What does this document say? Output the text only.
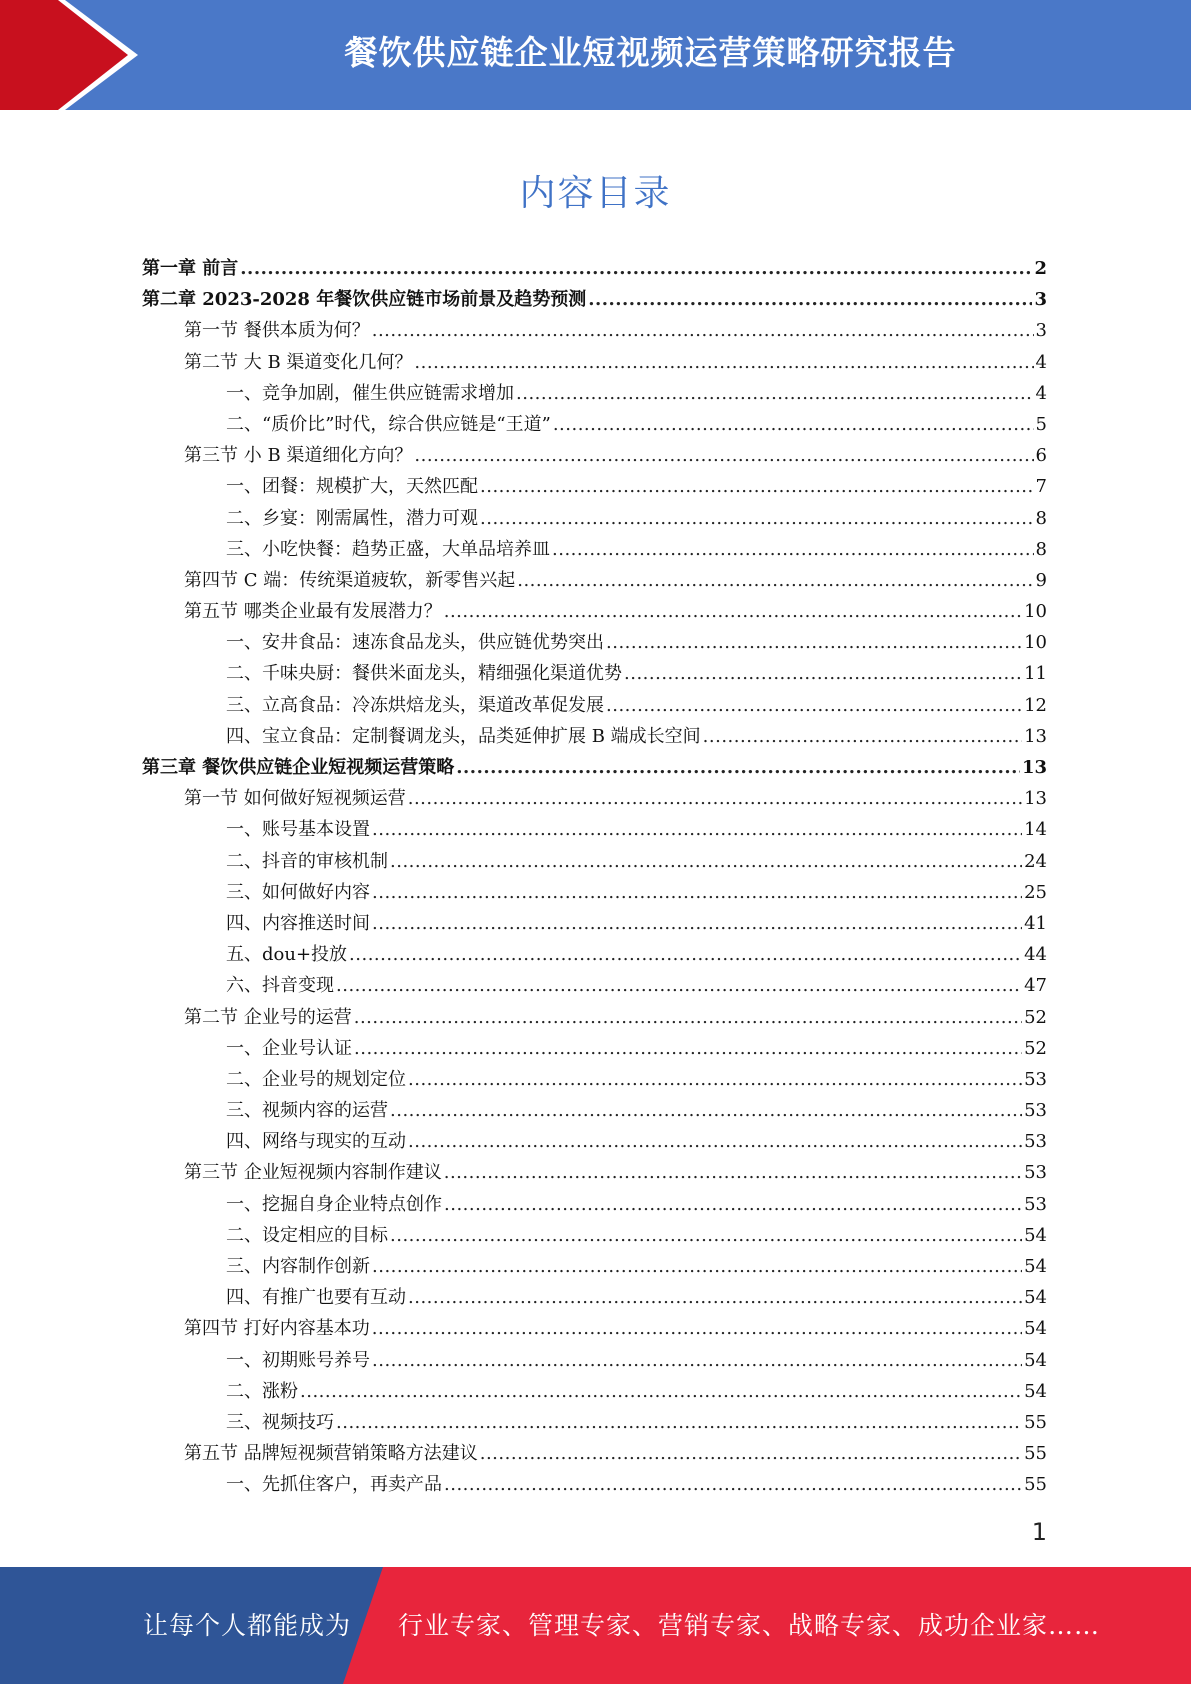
餐饮供应链企业短视频运营策略研究报告
内容目录
第一章 前言 .....	2
第二章 2023-2028 年餐饮供应链市场前景及趋势预测 .....	3
第一节 餐供本质为何？ .....	3
第二节 大 B 渠道变化几何？ .....	4
一、竞争加剧，催生供应链需求增加 .....	4
二、“质价比”时代，综合供应链是“王道” .....	5
第三节 小 B 渠道细化方向？ .....	6
一、团餐：规模扩大，天然匹配 .....	7
二、乡宴：刚需属性，潜力可观 .....	8
三、小吃快餐：趋势正盛，大单品培养皿 .....	8
第四节 C 端：传统渠道疲软，新零售兴起 .....	9
第五节 哪类企业最有发展潜力？ .....	10
一、安井食品：速冻食品龙头，供应链优势突出 .....	10
二、千味央厨：餐供米面龙头，精细强化渠道优势 .....	11
三、立高食品：冷冻烘焙龙头，渠道改革促发展 .....	12
四、宝立食品：定制餐调龙头，品类延伸扩展 B 端成长空间 .....	13
第三章 餐饮供应链企业短视频运营策略 .....	13
第一节 如何做好短视频运营 .....	13
一、账号基本设置 .....	14
二、抖音的审核机制 .....	24
三、如何做好内容 .....	25
四、内容推送时间 .....	41
五、dou+投放 .....	44
六、抖音变现 .....	47
第二节 企业号的运营 .....	52
一、企业号认证 .....	52
二、企业号的规划定位 .....	53
三、视频内容的运营 .....	53
四、网络与现实的互动 .....	53
第三节 企业短视频内容制作建议 .....	53
一、挖掘自身企业特点创作 .....	53
二、设定相应的目标 .....	54
三、内容制作创新 .....	54
四、有推广也要有互动 .....	54
第四节 打好内容基本功 .....	54
一、初期账号养号 .....	54
二、涨粉 .....	54
三、视频技巧 .....	55
第五节 品牌短视频营销策略方法建议 .....	55
一、先抓住客户，再卖产品 .....	55
1
让每个人都能成为 行业专家、管理专家、营销专家、战略专家、成功企业家……
